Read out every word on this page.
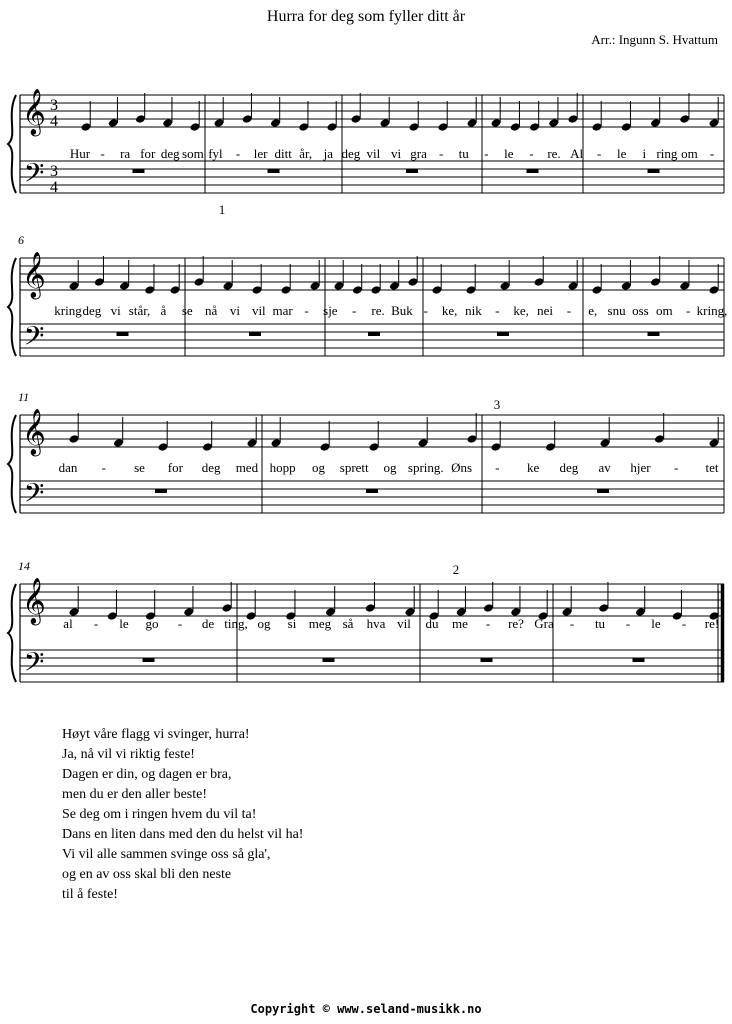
Hurra for deg som fyller ditt år
Arr.: Ingunn S. Hvattum
𝄞
𝄢
3
4
3
4
Hur - ra for deg som fyl - ler ditt år, ja deg vil vi gra - tu - le - re. Al - le i ring om -
𝄞
𝄢
6
kring deg vi står, å se nå vi vil mar - sje - re. Buk - ke, nik - ke, nei - e, snu oss om - kring,
𝄞
𝄢
11
dan - se for deg med hopp og sprett og spring. Øns - ke deg av hjer - tet
𝄞
𝄢
14
al - le go - de ting, og si meg så hva vil du me - re? Gra - tu - le - re!
1
3
2
Høyt våre flagg vi svinger, hurra!
Ja, nå vil vi riktig feste!
Dagen er din, og dagen er bra,
men du er den aller beste!
Se deg om i ringen hvem du vil ta!
Dans en liten dans med den du helst vil ha!
Vi vil alle sammen svinge oss så gla',
og en av oss skal bli den neste
til å feste!
Copyright © www.seland-musikk.no
